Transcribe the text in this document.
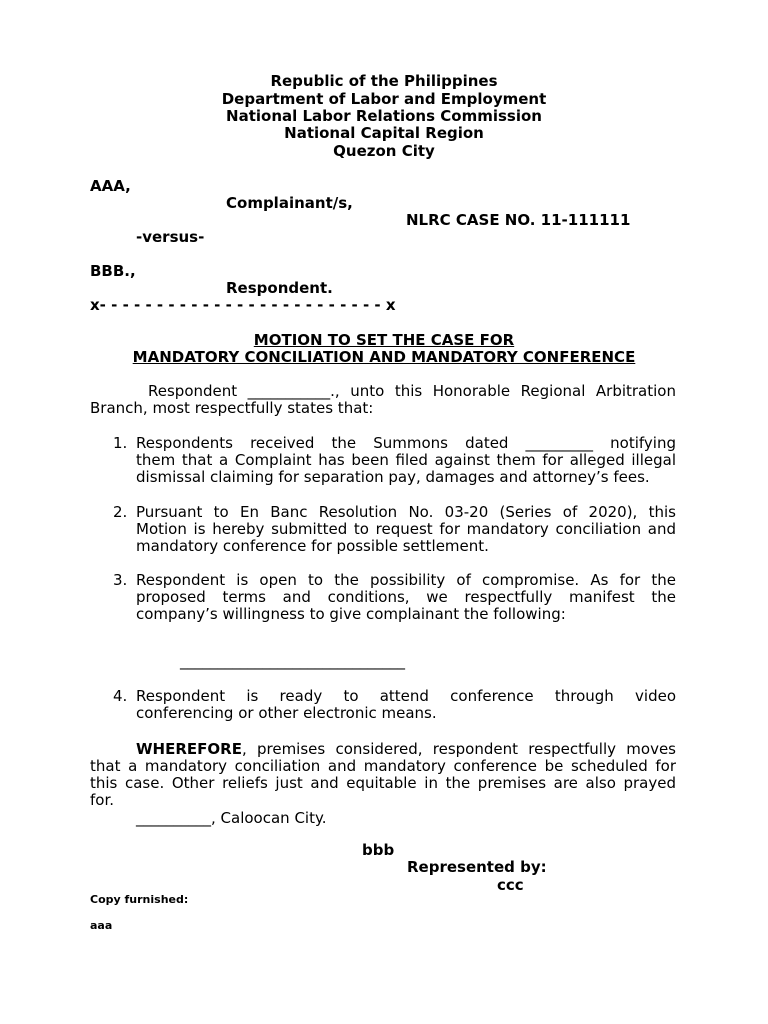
Republic of the Philippines
Department of Labor and Employment
National Labor Relations Commission
National Capital Region
Quezon City
AAA,
Complainant/s,
NLRC CASE NO. 11-111111
-versus-
BBB.,
Respondent.
x- - - - - - - - - - - - - - - - - - - - - - - - - x
MOTION TO SET THE CASE FOR
MANDATORY CONCILIATION AND MANDATORY CONFERENCE
Respondent ___________., unto this Honorable Regional Arbitration
Branch, most respectfully states that:
1. Respondents received the Summons dated _________ notifying
them that a Complaint has been filed against them for alleged illegal
dismissal claiming for separation pay, damages and attorney’s fees.
2. Pursuant to En Banc Resolution No. 03-20 (Series of 2020), this
Motion is hereby submitted to request for mandatory conciliation and
mandatory conference for possible settlement.
3. Respondent is open to the possibility of compromise. As for the
proposed terms and conditions, we respectfully manifest the
company’s willingness to give complainant the following:
______________________________
4. Respondent is ready to attend conference through video
conferencing or other electronic means.
WHEREFORE , premises considered, respondent respectfully moves
that a mandatory conciliation and mandatory conference be scheduled for
this case. Other reliefs just and equitable in the premises are also prayed
for.
__________, Caloocan City.
bbb
Represented by:
ccc
Copy furnished:
aaa
